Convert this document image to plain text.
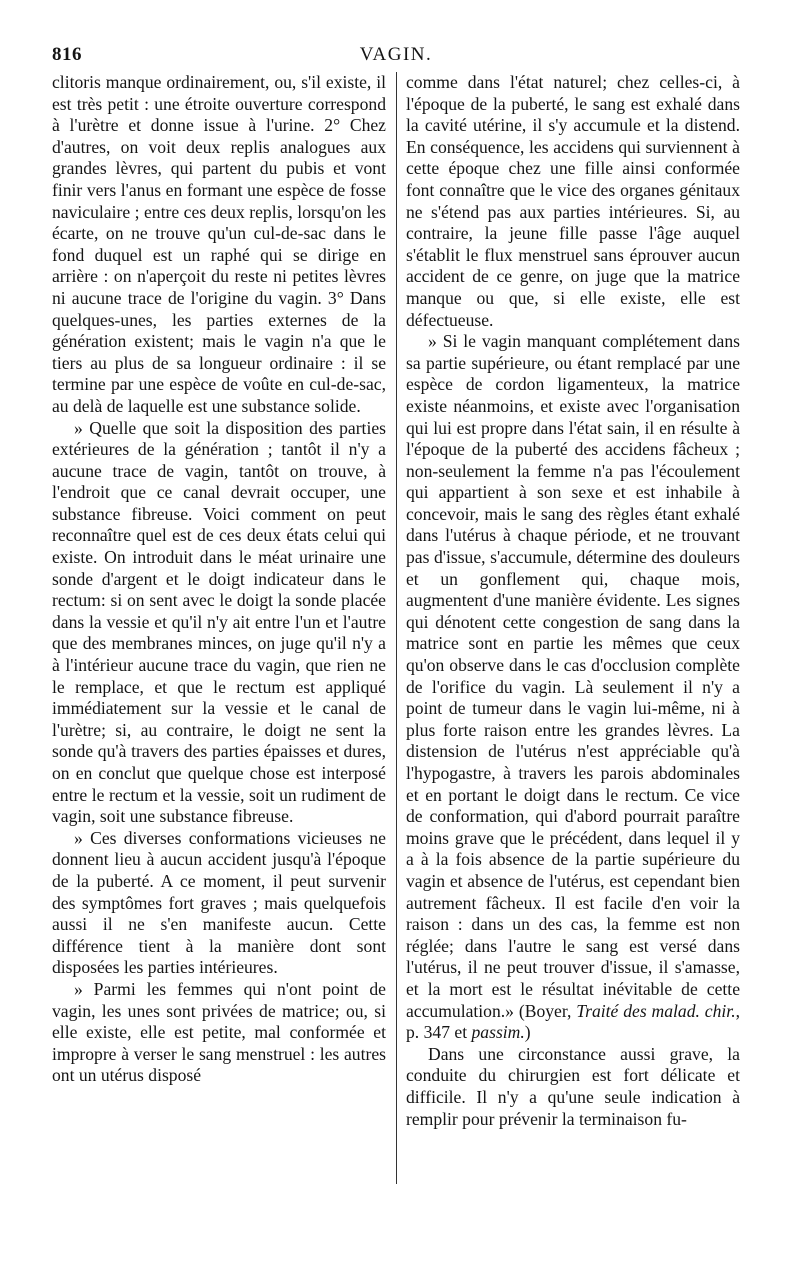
816	VAGIN.

clitoris manque ordinairement, ou, s'il existe, il est très petit : une étroite ouverture correspond à l'urètre et donne issue à l'urine. 2° Chez d'autres, on voit deux replis analogues aux grandes lèvres, qui partent du pubis et vont finir vers l'anus en formant une espèce de fosse naviculaire ; entre ces deux replis, lorsqu'on les écarte, on ne trouve qu'un cul-de-sac dans le fond duquel est un raphé qui se dirige en arrière : on n'aperçoit du reste ni petites lèvres ni aucune trace de l'origine du vagin. 3° Dans quelques-unes, les parties externes de la génération existent; mais le vagin n'a que le tiers au plus de sa longueur ordinaire : il se termine par une espèce de voûte en cul-de-sac, au delà de laquelle est une substance solide.

» Quelle que soit la disposition des parties extérieures de la génération ; tantôt il n'y a aucune trace de vagin, tantôt on trouve, à l'endroit que ce canal devrait occuper, une substance fibreuse. Voici comment on peut reconnaître quel est de ces deux états celui qui existe. On introduit dans le méat urinaire une sonde d'argent et le doigt indicateur dans le rectum: si on sent avec le doigt la sonde placée dans la vessie et qu'il n'y ait entre l'un et l'autre que des membranes minces, on juge qu'il n'y a à l'intérieur aucune trace du vagin, que rien ne le remplace, et que le rectum est appliqué immédiatement sur la vessie et le canal de l'urètre; si, au contraire, le doigt ne sent la sonde qu'à travers des parties épaisses et dures, on en conclut que quelque chose est interposé entre le rectum et la vessie, soit un rudiment de vagin, soit une substance fibreuse.

» Ces diverses conformations vicieuses ne donnent lieu à aucun accident jusqu'à l'époque de la puberté. A ce moment, il peut survenir des symptômes fort graves ; mais quelquefois aussi il ne s'en manifeste aucun. Cette différence tient à la manière dont sont disposées les parties intérieures.

» Parmi les femmes qui n'ont point de vagin, les unes sont privées de matrice; ou, si elle existe, elle est petite, mal conformée et impropre à verser le sang menstruel : les autres ont un utérus disposé

comme dans l'état naturel; chez celles-ci, à l'époque de la puberté, le sang est exhalé dans la cavité utérine, il s'y accumule et la distend. En conséquence, les accidens qui surviennent à cette époque chez une fille ainsi conformée font connaître que le vice des organes génitaux ne s'étend pas aux parties intérieures. Si, au contraire, la jeune fille passe l'âge auquel s'établit le flux menstruel sans éprouver aucun accident de ce genre, on juge que la matrice manque ou que, si elle existe, elle est défectueuse.

» Si le vagin manquant complétement dans sa partie supérieure, ou étant remplacé par une espèce de cordon ligamenteux, la matrice existe néanmoins, et existe avec l'organisation qui lui est propre dans l'état sain, il en résulte à l'époque de la puberté des accidens fâcheux ; non-seulement la femme n'a pas l'écoulement qui appartient à son sexe et est inhabile à concevoir, mais le sang des règles étant exhalé dans l'utérus à chaque période, et ne trouvant pas d'issue, s'accumule, détermine des douleurs et un gonflement qui, chaque mois, augmentent d'une manière évidente. Les signes qui dénotent cette congestion de sang dans la matrice sont en partie les mêmes que ceux qu'on observe dans le cas d'occlusion complète de l'orifice du vagin. Là seulement il n'y a point de tumeur dans le vagin lui-même, ni à plus forte raison entre les grandes lèvres. La distension de l'utérus n'est appréciable qu'à l'hypogastre, à travers les parois abdominales et en portant le doigt dans le rectum. Ce vice de conformation, qui d'abord pourrait paraître moins grave que le précédent, dans lequel il y a à la fois absence de la partie supérieure du vagin et absence de l'utérus, est cependant bien autrement fâcheux. Il est facile d'en voir la raison : dans un des cas, la femme est non réglée; dans l'autre le sang est versé dans l'utérus, il ne peut trouver d'issue, il s'amasse, et la mort est le résultat inévitable de cette accumulation.» (Boyer, Traité des malad. chir., p. 347 et passim.)

Dans une circonstance aussi grave, la conduite du chirurgien est fort délicate et difficile. Il n'y a qu'une seule indication à remplir pour prévenir la terminaison fu-
